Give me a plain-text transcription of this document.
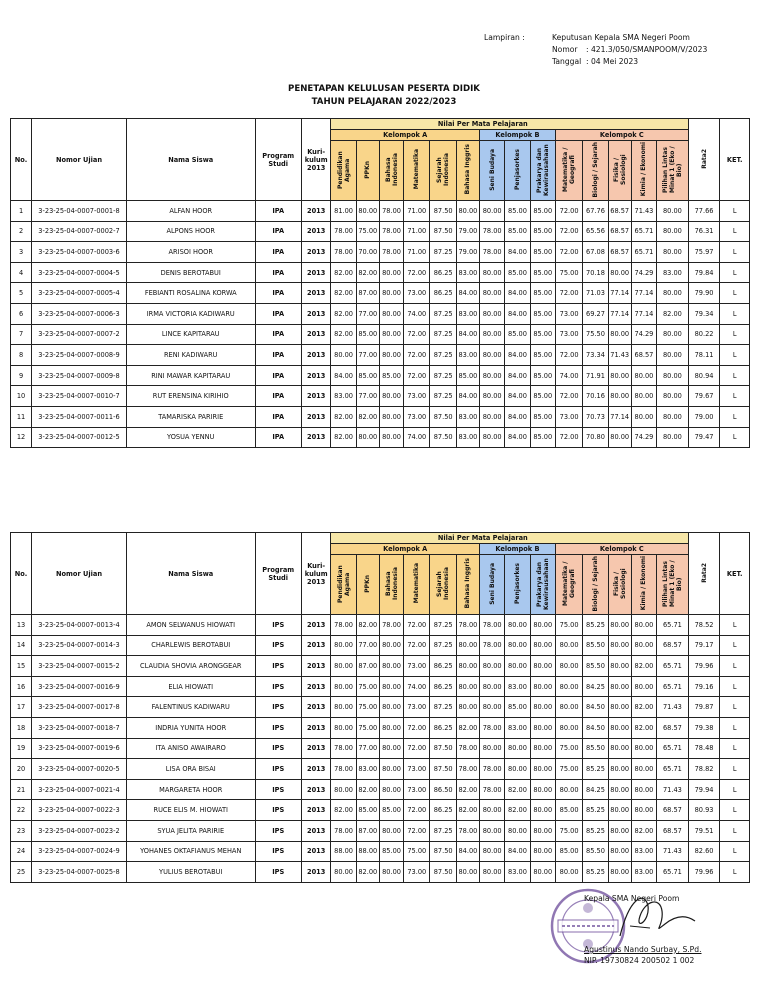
Lampiran :	Keputusan Kepala SMA Negeri Poom
Nomor	: 421.3/050/SMANPOOM/V/2023
Tanggal : 04 Mei 2023
PENETAPAN KELULUSAN PESERTA DIDIK
TAHUN PELAJARAN 2022/2023
No.	Nomor Ujian	Nama Siswa	Program Studi	Kuri- kulum 2013	Nilai Per Mata Pelajaran														Rata2	KET.
					Kelompok A						Kelompok B			Kelompok C						
					Pendidikan Agama	PPKn	Bahasa Indonesia	Matematika	Sejarah Indonesia	Bahasa Inggris	Seni Budaya	Penjasorkes	Prakarya dan Kewirausahaan	Matematika / Geografi	Biologi / Sejarah	Fisika / Sosiologi	Kimia / Ekonomi	Pilihan Lintas Minat 1 (Eko / Bio)		
1	3-23-25-04-0007-0001-8	ALFAN HOOR	IPA	2013	81.00	80.00	78.00	71.00	87.50	80.00	80.00	85.00	85.00	72.00	67.76	68.57	71.43	80.00	77.66	L
2	3-23-25-04-0007-0002-7	ALPONS HOOR	IPA	2013	78.00	75.00	78.00	71.00	87.50	79.00	78.00	85.00	85.00	72.00	65.56	68.57	65.71	80.00	76.31	L
3	3-23-25-04-0007-0003-6	ARISOI HOOR	IPA	2013	78.00	70.00	78.00	71.00	87.25	79.00	78.00	84.00	85.00	72.00	67.08	68.57	65.71	80.00	75.97	L
4	3-23-25-04-0007-0004-5	DENIS BEROTABUI	IPA	2013	82.00	82.00	80.00	72.00	86.25	83.00	80.00	85.00	85.00	75.00	70.18	80.00	74.29	83.00	79.84	L
5	3-23-25-04-0007-0005-4	FEBIANTI ROSALINA KORWA	IPA	2013	82.00	87.00	80.00	73.00	86.25	84.00	80.00	84.00	85.00	72.00	71.03	77.14	77.14	80.00	79.90	L
6	3-23-25-04-0007-0006-3	IRMA VICTORIA KADIWARU	IPA	2013	82.00	77.00	80.00	74.00	87.25	83.00	80.00	84.00	85.00	73.00	69.27	77.14	77.14	82.00	79.34	L
7	3-23-25-04-0007-0007-2	LINCE KAPITARAU	IPA	2013	82.00	85.00	80.00	72.00	87.25	84.00	80.00	85.00	85.00	73.00	75.50	80.00	74.29	80.00	80.22	L
8	3-23-25-04-0007-0008-9	RENI KADIWARU	IPA	2013	80.00	77.00	80.00	72.00	87.25	83.00	80.00	84.00	85.00	72.00	73.34	71.43	68.57	80.00	78.11	L
9	3-23-25-04-0007-0009-8	RINI MAWAR KAPITARAU	IPA	2013	84.00	85.00	85.00	72.00	87.25	85.00	80.00	84.00	85.00	74.00	71.91	80.00	80.00	80.00	80.94	L
10	3-23-25-04-0007-0010-7	RUT ERENSINA KIRIHIO	IPA	2013	83.00	77.00	80.00	73.00	87.25	84.00	80.00	84.00	85.00	72.00	70.16	80.00	80.00	80.00	79.67	L
11	3-23-25-04-0007-0011-6	TAMARISKA PARIRIE	IPA	2013	82.00	82.00	80.00	73.00	87.50	83.00	80.00	84.00	85.00	73.00	70.73	77.14	80.00	80.00	79.00	L
12	3-23-25-04-0007-0012-5	YOSUA YENNU	IPA	2013	82.00	80.00	80.00	74.00	87.50	83.00	80.00	84.00	85.00	72.00	70.80	80.00	74.29	80.00	79.47	L
No.	Nomor Ujian	Nama Siswa	Program Studi	Kuri- kulum 2013	Nilai Per Mata Pelajaran														Rata2	KET.
					Kelompok A						Kelompok B			Kelompok C						
					Pendidikan Agama	PPKn	Bahasa Indonesia	Matematika	Sejarah Indonesia	Bahasa Inggris	Seni Budaya	Penjasorkes	Prakarya dan Kewirausahaan	Matematika / Geografi	Biologi / Sejarah	Fisika / Sosiologi	Kimia / Ekonomi	Pilihan Lintas Minat 1 (Eko / Bio)		
13	3-23-25-04-0007-0013-4	AMON SELWANUS HIOWATI	IPS	2013	78.00	82.00	78.00	72.00	87.25	78.00	78.00	80.00	80.00	75.00	85.25	80.00	80.00	65.71	78.52	L
14	3-23-25-04-0007-0014-3	CHARLEWIS BEROTABUI	IPS	2013	80.00	77.00	80.00	72.00	87.25	80.00	78.00	80.00	80.00	80.00	85.50	80.00	80.00	68.57	79.17	L
15	3-23-25-04-0007-0015-2	CLAUDIA SHOVIA ARONGGEAR	IPS	2013	80.00	87.00	80.00	73.00	86.25	80.00	80.00	80.00	80.00	80.00	85.50	80.00	82.00	65.71	79.96	L
16	3-23-25-04-0007-0016-9	ELIA HIOWATI	IPS	2013	80.00	75.00	80.00	74.00	86.25	80.00	80.00	83.00	80.00	80.00	84.25	80.00	80.00	65.71	79.16	L
17	3-23-25-04-0007-0017-8	FALENTINUS KADIWARU	IPS	2013	80.00	75.00	80.00	73.00	87.25	80.00	80.00	85.00	80.00	80.00	84.50	80.00	82.00	71.43	79.87	L
18	3-23-25-04-0007-0018-7	INDRIA YUNITA HOOR	IPS	2013	80.00	75.00	80.00	72.00	86.25	82.00	78.00	83.00	80.00	80.00	84.50	80.00	82.00	68.57	79.38	L
19	3-23-25-04-0007-0019-6	ITA ANISO AWAIRARO	IPS	2013	78.00	77.00	80.00	72.00	87.50	78.00	80.00	80.00	80.00	75.00	85.50	80.00	80.00	65.71	78.48	L
20	3-23-25-04-0007-0020-5	LISA ORA BISAI	IPS	2013	78.00	83.00	80.00	73.00	87.50	78.00	78.00	80.00	80.00	75.00	85.25	80.00	80.00	65.71	78.82	L
21	3-23-25-04-0007-0021-4	MARGARETA HOOR	IPS	2013	80.00	82.00	80.00	73.00	86.50	82.00	78.00	82.00	80.00	80.00	84.25	80.00	80.00	71.43	79.94	L
22	3-23-25-04-0007-0022-3	RUCE ELIS M. HIOWATI	IPS	2013	82.00	85.00	85.00	72.00	86.25	82.00	80.00	82.00	80.00	85.00	85.25	80.00	80.00	68.57	80.93	L
23	3-23-25-04-0007-0023-2	SYUA JELITA PARIRIE	IPS	2013	78.00	87.00	80.00	72.00	87.25	78.00	80.00	80.00	80.00	75.00	85.25	80.00	82.00	68.57	79.51	L
24	3-23-25-04-0007-0024-9	YOHANES OKTAFIANUS MEHAN	IPS	2013	88.00	88.00	85.00	75.00	87.50	84.00	80.00	84.00	80.00	85.00	85.50	80.00	83.00	71.43	82.60	L
25	3-23-25-04-0007-0025-8	YULIUS BEROTABUI	IPS	2013	80.00	82.00	80.00	73.00	87.50	80.00	80.00	83.00	80.00	80.00	85.25	80.00	83.00	65.71	79.96	L
Kepala SMA Negeri Poom
Agustinus Nando Surbay, S.Pd.
NIP. 19730824 200502 1 002
